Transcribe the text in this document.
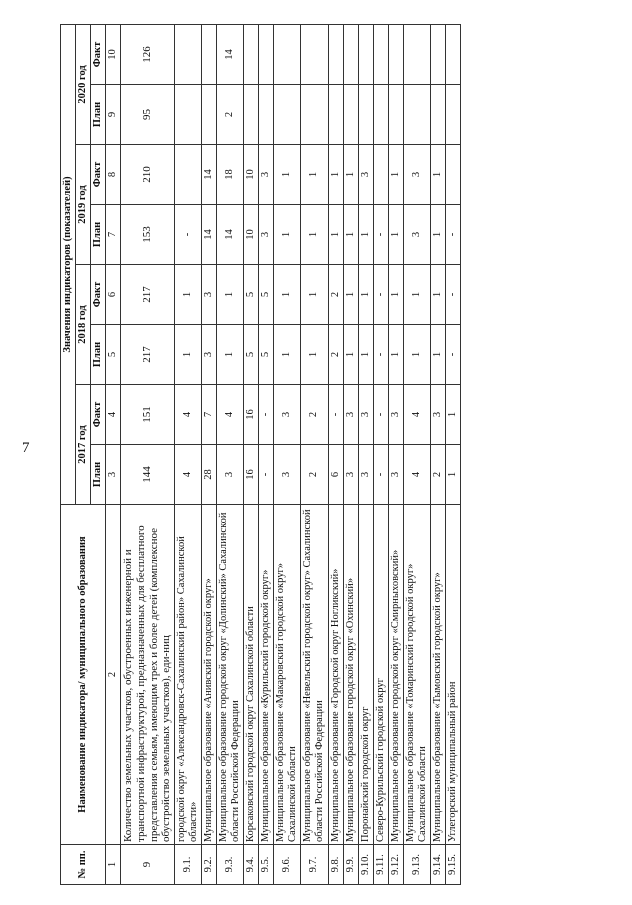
7
№ пп.	Наименование индикатора/ муниципального образования	Значения индикаторов (показателей)							
		2017 год		2018 год		2019 год		2020 год	
		План	Факт	План	Факт	План	Факт	План	Факт
1	2	3	4	5	6	7	8	9	10
9	Количество земельных участков, обустроенных инженерной и транспортной инфраструктурой, предназначенных для бесплатного представления семьям, имеющим трех и более детей (комплексное обустройство земельных участков), еди-ниц	144	151	217	217	153	210	95	126
9.1.	городской округ «Александровск-Сахалинский район» Сахалинской области»	4	4	1	1	-			
9.2.	Муниципальное образование «Анивский городской округ»	28	7	3	3	14	14		
9.3.	Муниципальное образование городской округ «Долинский» Сахалинской области Российской Федерации	3	4	1	1	14	18	2	14
9.4.	Корсаковский городской округ Сахалинской области	16	16	5	5	10	10		
9.5.	Муниципальное образование «Курильский городской округ»	-	-	5	5	3	3		
9.6.	Муниципальное образование «Макаровский городской округ» Сахалинской области	3	3	1	1	1	1		
9.7.	Муниципальное образование «Невельский городской округ» Сахалинской области Российской Федерации	2	2	1	1	1	1		
9.8.	Муниципальное образование «Городской округ Ногликский»	6	-	2	2	1	1		
9.9.	Муниципальное образование городской округ «Охинский»	3	3	1	1	1	1		
9.10.	Поронайский городской округ	3	3	1	1	1	3		
9.11.	Северо-Курильский городской округ	-	-	-	-	-			
9.12.	Муниципальное образование городской округ «Смирныховский»	3	3	1	1	1	1		
9.13.	Муниципальное образование «Томаринский городской округ» Сахалинской области	4	4	1	1	3	3		
9.14.	Муниципальное образование «Тымовский городской округ»	2	3	1	1	1	1		
9.15.	Углегорский муниципальный район	1	1	-	-	-			
